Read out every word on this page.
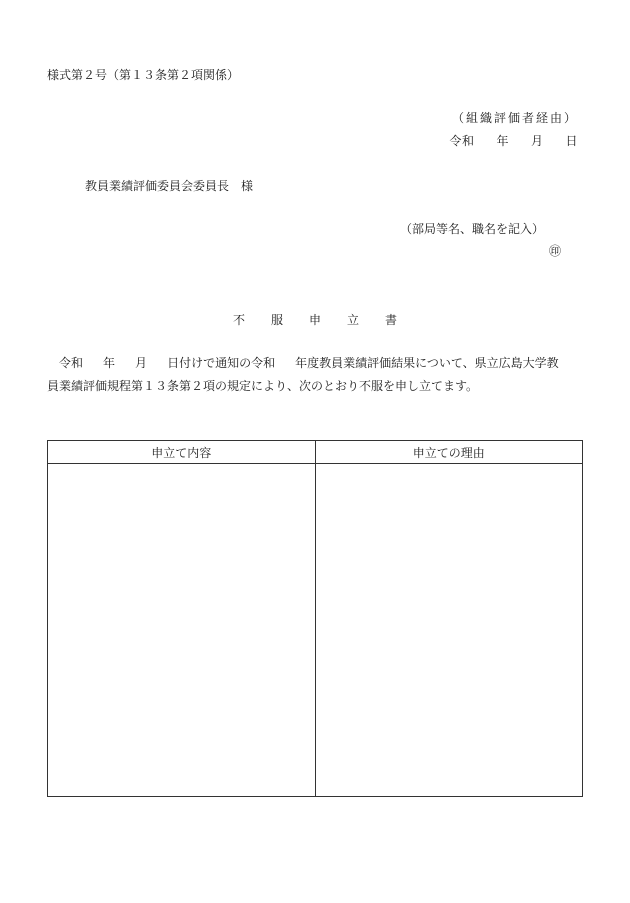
様式第２号（第１３条第２項関係）
（組織評価者経由）
令和 年 月 日
教員業績評価委員会委員長　様
（部局等名、職名を記入）
㊞
不 服 申 立 書

　令和 年 月 日付けで通知の令和 年度教員業績評価結果について、県立広島大学教

員業績評価規程第１３条第２項の規定により、次のとおり不服を申し立てます。

申立て内容	申立ての理由
